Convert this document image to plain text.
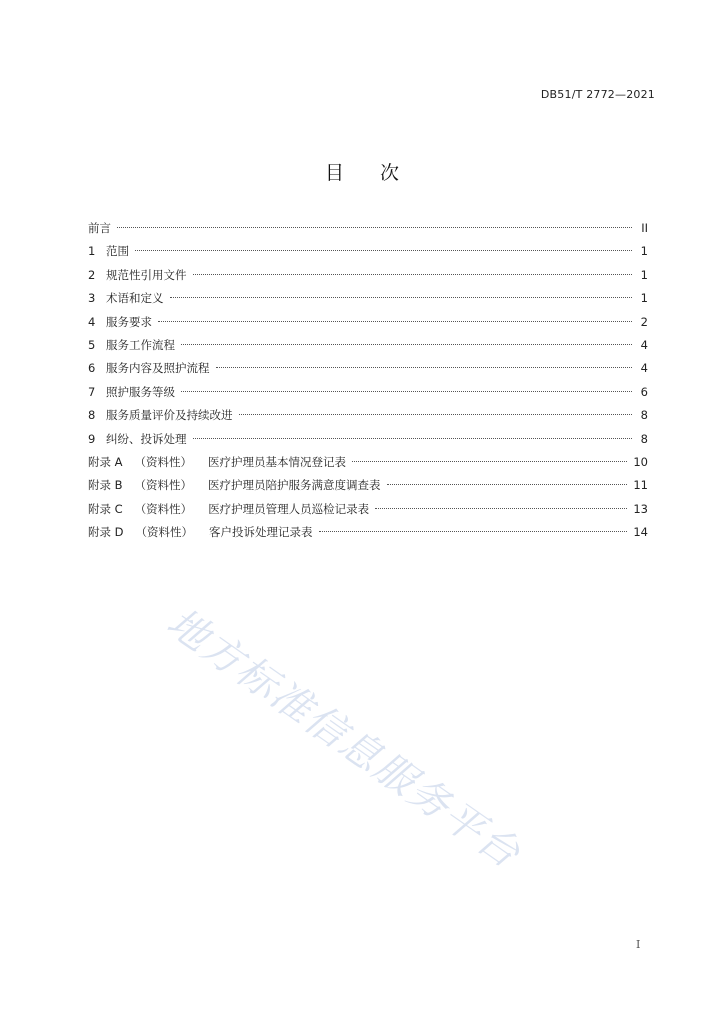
DB51/T 2772—2021
目 次
前言	II
1 范围	1
2 规范性引用文件	1
3 术语和定义	1
4 服务要求	2
5 服务工作流程	4
6 服务内容及照护流程	4
7 照护服务等级	6
8 服务质量评价及持续改进	8
9 纠纷、投诉处理	8
附录 A （资料性） 医疗护理员基本情况登记表	10
附录 B （资料性） 医疗护理员陪护服务满意度调查表	11
附录 C （资料性） 医疗护理员管理人员巡检记录表	13
附录 D （资料性） 客户投诉处理记录表	14
地方标准信息服务平台
I
